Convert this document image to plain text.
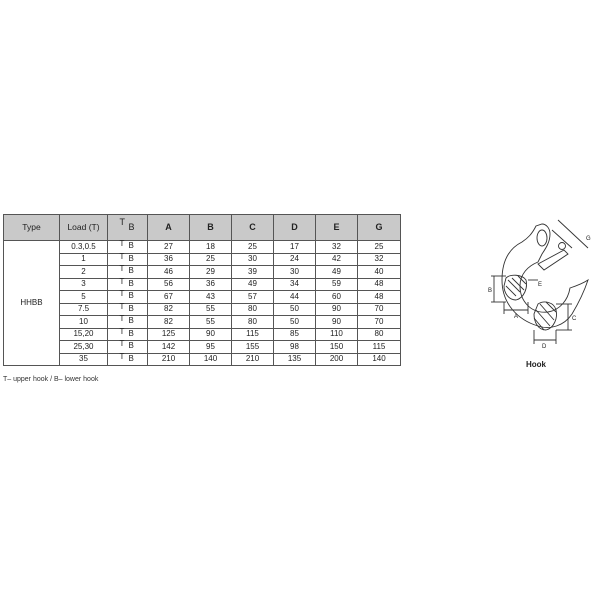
Type	Load (T)	T B	A	B	C	D	E	G
HHBB	0.3,0.5	T B	27	18	25	17	32	25
	1	T B	36	25	30	24	42	32
	2	T B	46	29	39	30	49	40
	3	T B	56	36	49	34	59	48
	5	T B	67	43	57	44	60	48
	7.5	T B	82	55	80	50	90	70
	10	T B	82	55	80	50	90	70
	15,20	T B	125	90	115	85	110	80
	25,30	T B	142	95	155	98	150	115
	35	T B	210	140	210	135	200	140
T– upper hook / B– lower hook
B
A	C
D
E
G
Hook
